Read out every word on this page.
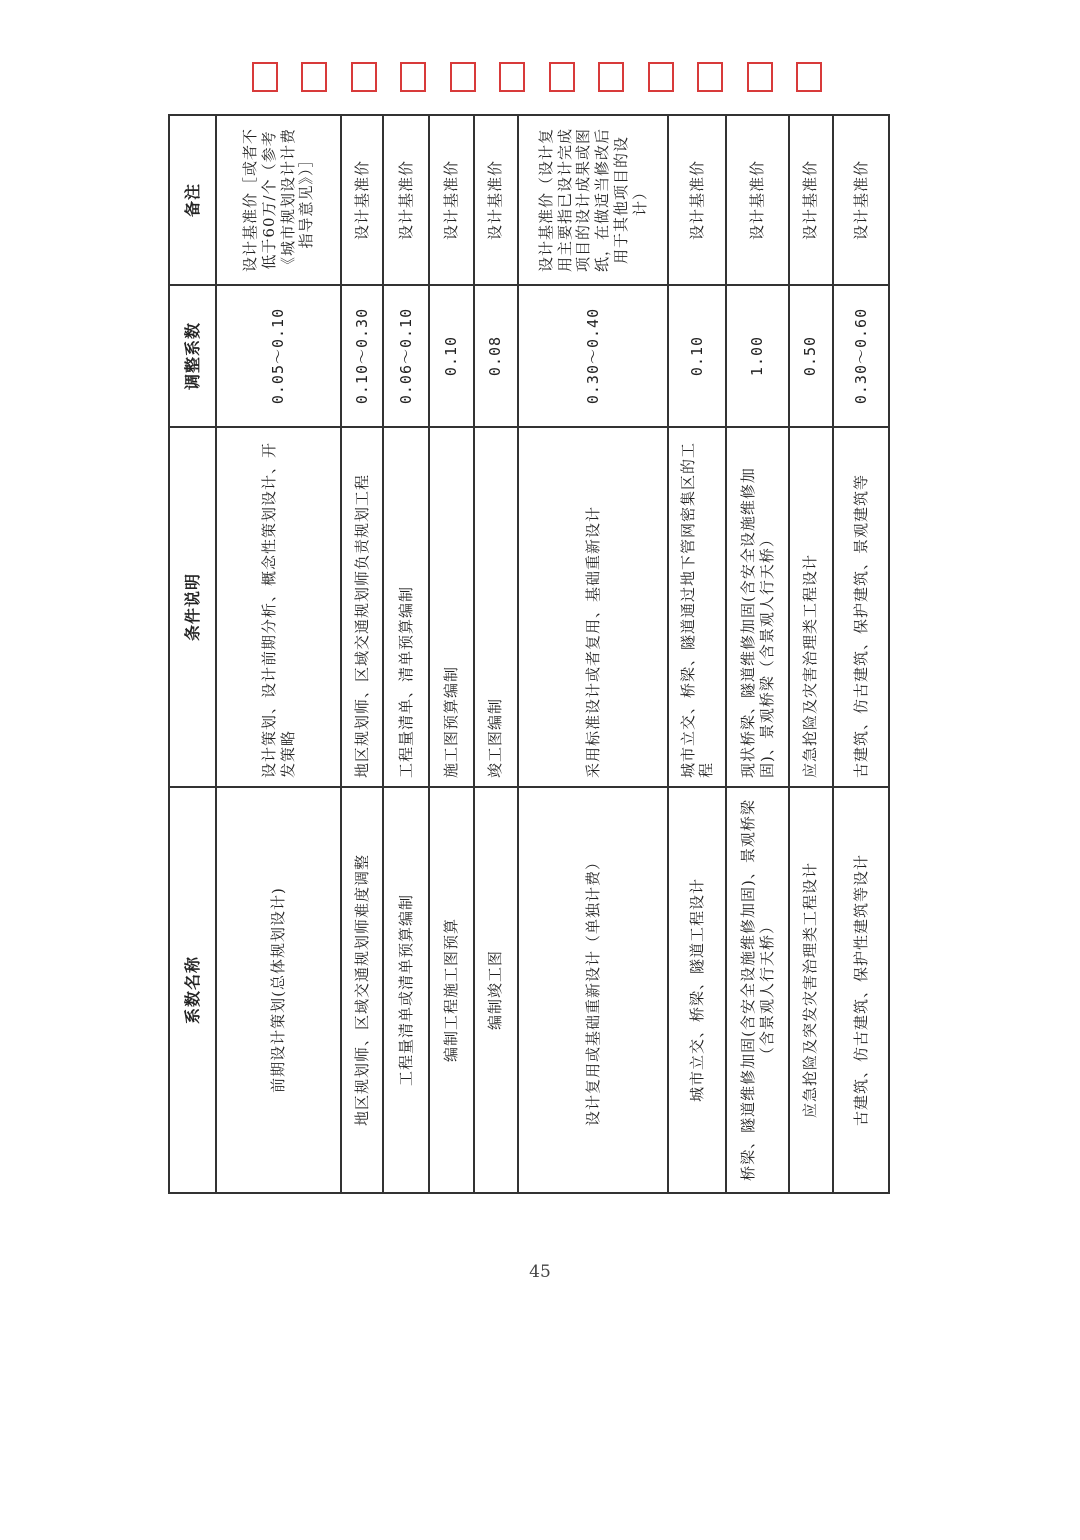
系数名称	条件说明	调整系数	备注
前期设计策划(总体规划设计)	设计策划、设计前期分析、概念性策划设计、开发策略	0.05～0.10	设计基准价［或者不低于60万/个（参考《城市规划设计计费指导意见》）］
地区规划师、区域交通规划师难度调整	地区规划师、区域交通规划师负责规划工程	0.10～0.30	设计基准价
工程量清单或清单预算编制	工程量清单、清单预算编制	0.06～0.10	设计基准价
编制工程施工图预算	施工图预算编制	0.10	设计基准价
编制竣工图	竣工图编制	0.08	设计基准价
设计复用或基础重新设计（单独计费）	采用标准设计或者复用、基础重新设计	0.30～0.40	设计基准价（设计复用主要指已设计完成项目的设计成果或图纸，在做适当修改后用于其他项目的设计）
城市立交、桥梁、隧道工程设计	城市立交、桥梁、隧道通过地下管网密集区的工程	0.10	设计基准价
桥梁、隧道维修加固(含安全设施维修加固)、景观桥梁（含景观人行天桥）	现状桥梁、隧道维修加固(含安全设施维修加固)、景观桥梁（含景观人行天桥）	1.00	设计基准价
应急抢险及突发灾害治理类工程设计	应急抢险及灾害治理类工程设计	0.50	设计基准价
古建筑、仿古建筑、保护性建筑等设计	古建筑、仿古建筑、保护建筑、景观建筑等	0.30～0.60	设计基准价
45
